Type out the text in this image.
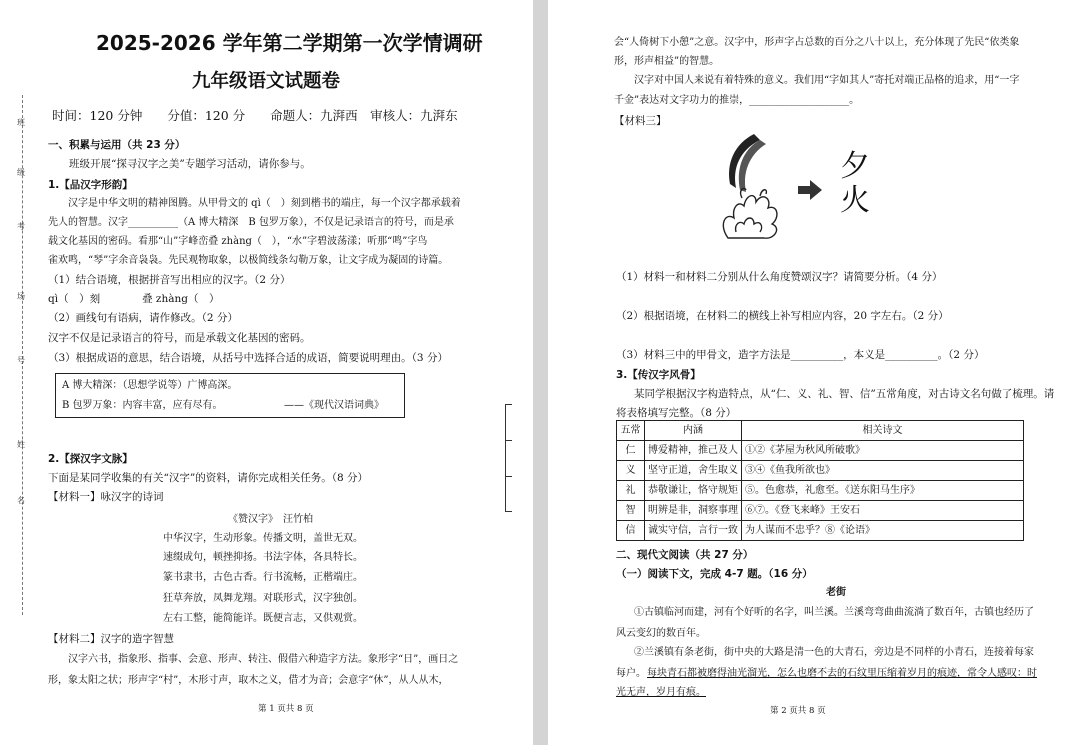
班
级
考
场
号
姓
名
2025-2026 学年第二学期第一次学情调研
九年级语文试题卷
时间：120 分钟　　分值：120 分　　命题人：九湃西　审核人：九湃东
一、积累与运用（共 23 分）
班级开展“探寻汉字之美”专题学习活动，请你参与。
1.【品汉字形韵】
汉字是中华文明的精神图腾。从甲骨文的 qì（　）刻到楷书的端庄，每一个汉字都承载着
先人的智慧。汉字__________（A 博大精深　B 包罗万象），不仅是记录语言的符号，而是承
载文化基因的密码。看那“山”字峰峦叠 zhàng（　），“水”字碧波荡漾；听那“鸣”字鸟
雀欢鸣，“琴”字余音袅袅。先民观物取象，以极简线条勾勒万象，让文字成为凝固的诗篇。
（1）结合语境，根据拼音写出相应的汉字。（2 分）
qì（　）刻　　　　叠 zhàng（　）
（2）画线句有语病，请作修改。（2 分）
汉字不仅是记录语言的符号，而是承载文化基因的密码。
（3）根据成语的意思，结合语境，从括号中选择合适的成语，简要说明理由。（3 分）
A 博大精深：（思想学说等）广博高深。
B 包罗万象：内容丰富，应有尽有。	——《现代汉语词典》
2.【探汉字文脉】
下面是某同学收集的有关“汉字”的资料，请你完成相关任务。（8 分）
【材料一】咏汉字的诗词
《赞汉字》　汪竹柏
中华汉字，生动形象。传播文明，盖世无双。
速缀成句，顿挫抑扬。书法字体，各具特长。
篆书隶书，古色古香。行书流畅，正楷端庄。
狂草奔放，凤舞龙翔。对联形式，汉字独创。
左右工整，能简能详。既便言志，又供观赏。
【材料二】汉字的造字智慧
汉字六书，指象形、指事、会意、形声、转注、假借六种造字方法。象形字“日”，画日之
形，象太阳之状；形声字“村”，木形寸声，取木之义，借才为音；会意字“休”，从人从木，
第 1 页共 8 页
会“人倚树下小憩”之意。汉字中，形声字占总数的百分之八十以上，充分体现了先民“依类象
形，形声相益”的智慧。
汉字对中国人来说有着特殊的意义。我们用“字如其人”寄托对端正品格的追求，用“一字
千金”表达对文字功力的推崇，____________________。
【材料三】
夕火
（1）材料一和材料二分别从什么角度赞颂汉字？请简要分析。（4 分）
（2）根据语境，在材料二的横线上补写相应内容，20 字左右。（2 分）
（3）材料三中的甲骨文，造字方法是__________，本义是__________。（2 分）
3.【传汉字风骨】
某同学根据汉字构造特点，从“仁、义、礼、智、信”五常角度，对古诗文名句做了梳理。请
将表格填写完整。（8 分）
五常	内涵	相关诗文
仁	博爱精神，推己及人	①②《茅屋为秋风所破歌》
义	坚守正道，舍生取义	③④《鱼我所欲也》
礼	恭敬谦让，恪守规矩	⑤。色愈恭，礼愈至。《送东阳马生序》
智	明辨是非，洞察事理	⑥⑦。《登飞来峰》王安石
信	诚实守信，言行一致	为人谋而不忠乎？⑧《论语》
二、现代文阅读（共 27 分）
（一）阅读下文，完成 4-7 题。（16 分）
老街
①古镇临河而建，河有个好听的名字，叫兰溪。兰溪弯弯曲曲流淌了数百年，古镇也经历了
风云变幻的数百年。
②兰溪镇有条老街，街中央的大路是清一色的大青石，旁边是不同样的小青石，连接着每家
每户。 每块青石都被磨得油光溜光，怎么也磨不去的石纹里压缩着岁月的痕迹，常令人感叹：时
光无声，岁月有痕。
第 2 页共 8 页
